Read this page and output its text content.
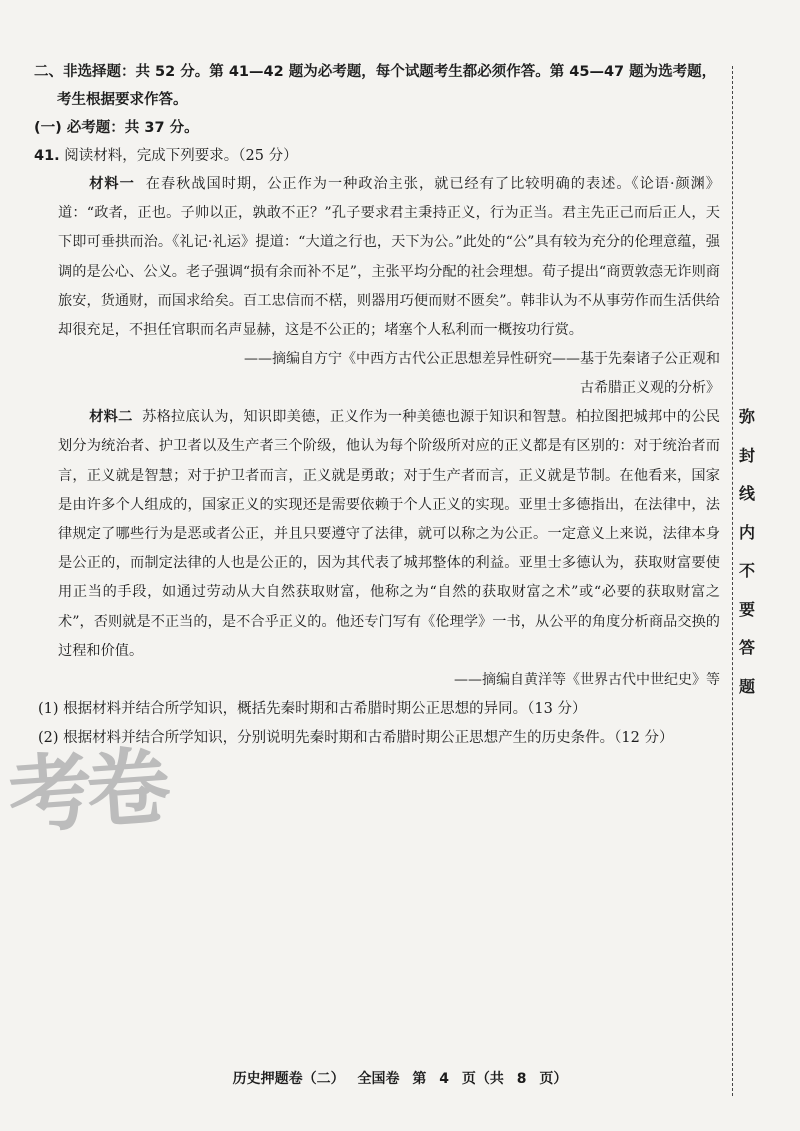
二、非选择题：共 52 分。第 41—42 题为必考题，每个试题考生都必须作答。第 45—47 题为选考题，
考生根据要求作答。
(一) 必考题：共 37 分。
41. 阅读材料，完成下列要求。（25 分）
材料一 在春秋战国时期，公正作为一种政治主张，就已经有了比较明确的表述。《论语·颜渊》道：“政者，正也。子帅以正，孰敢不正？”孔子要求君主秉持正义，行为正当。君主先正己而后正人，天下即可垂拱而治。《礼记·礼运》提道：“大道之行也，天下为公。”此处的“公”具有较为充分的伦理意蕴，强调的是公心、公义。老子强调“损有余而补不足”，主张平均分配的社会理想。荀子提出“商贾敦悫无诈则商旅安，货通财，而国求给矣。百工忠信而不楛，则器用巧便而财不匮矣”。韩非认为不从事劳作而生活供给却很充足，不担任官职而名声显赫，这是不公正的；堵塞个人私利而一概按功行赏。
——摘编自方宁《中西方古代公正思想差异性研究——基于先秦诸子公正观和
古希腊正义观的分析》
材料二 苏格拉底认为，知识即美德，正义作为一种美德也源于知识和智慧。柏拉图把城邦中的公民划分为统治者、护卫者以及生产者三个阶级，他认为每个阶级所对应的正义都是有区别的：对于统治者而言，正义就是智慧；对于护卫者而言，正义就是勇敢；对于生产者而言，正义就是节制。在他看来，国家是由许多个人组成的，国家正义的实现还是需要依赖于个人正义的实现。亚里士多德指出，在法律中，法律规定了哪些行为是恶或者公正，并且只要遵守了法律，就可以称之为公正。一定意义上来说，法律本身是公正的，而制定法律的人也是公正的，因为其代表了城邦整体的利益。亚里士多德认为，获取财富要使用正当的手段，如通过劳动从大自然获取财富，他称之为“自然的获取财富之术”或“必要的获取财富之术”，否则就是不正当的，是不合乎正义的。他还专门写有《伦理学》一书，从公平的角度分析商品交换的过程和价值。
——摘编自黄洋等《世界古代中世纪史》等
(1) 根据材料并结合所学知识，概括先秦时期和古希腊时期公正思想的异同。（13 分）
(2) 根据材料并结合所学知识，分别说明先秦时期和古希腊时期公正思想产生的历史条件。（12 分）
弥
封
线
内
不
要
答
题
考卷
历史押题卷（二） 全国卷 第 4 页（共 8 页）
